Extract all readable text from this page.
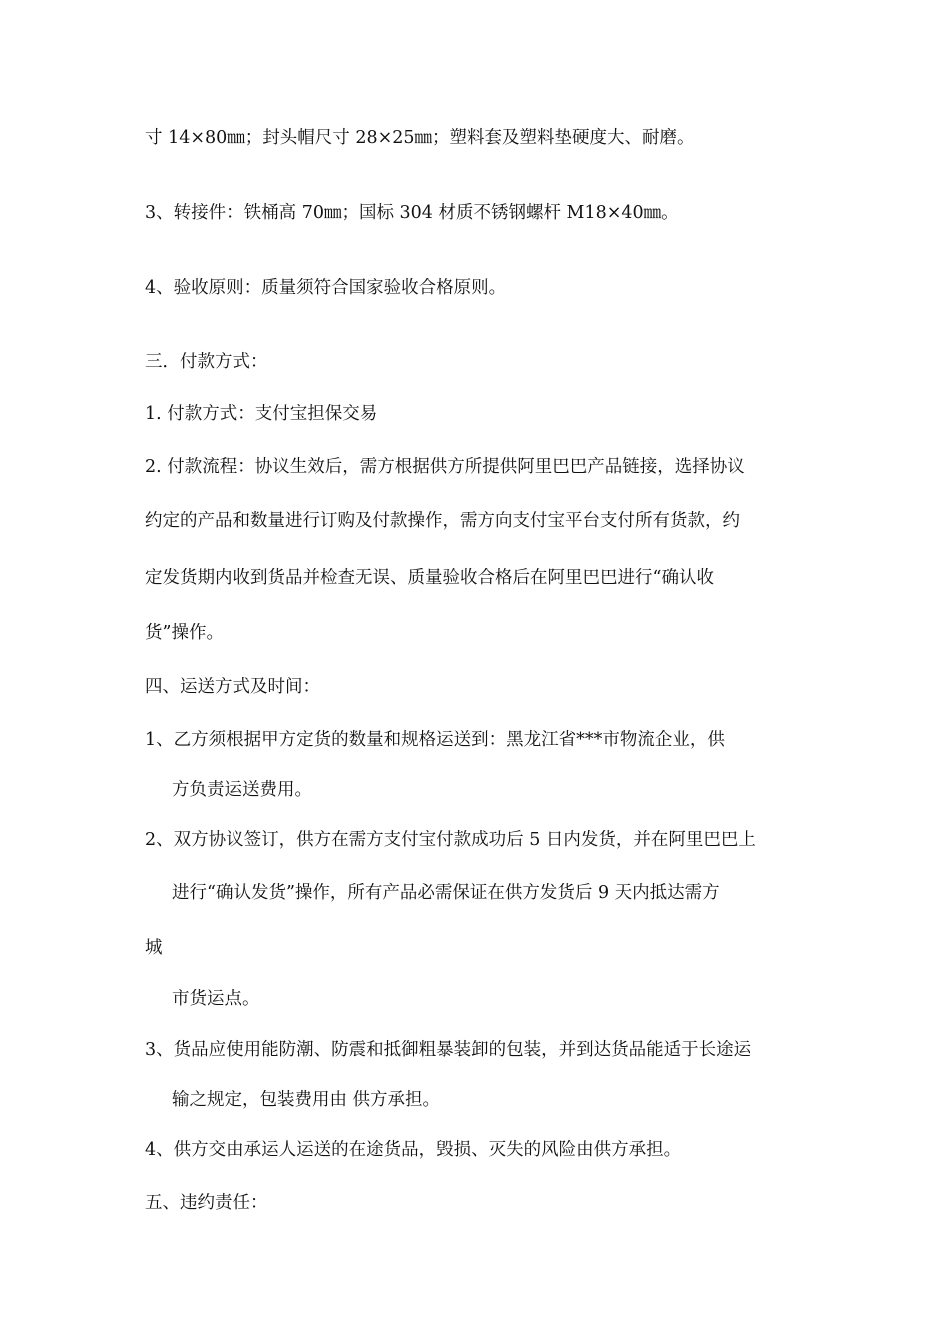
寸 14×80㎜；封头帽尺寸 28×25㎜；塑料套及塑料垫硬度大、耐磨。
3、转接件：铁桶高 70㎜；国标 304 材质不锈钢螺杆 M18×40㎜。
4、验收原则：质量须符合国家验收合格原则。
三．付款方式：
1. 付款方式：支付宝担保交易
2. 付款流程：协议生效后，需方根据供方所提供阿里巴巴产品链接，选择协议
约定的产品和数量进行订购及付款操作，需方向支付宝平台支付所有货款，约
定发货期内收到货品并检查无误、质量验收合格后在阿里巴巴进行“确认收
货”操作。
四、运送方式及时间：
1、乙方须根据甲方定货的数量和规格运送到：黑龙江省***市物流企业，供
方负责运送费用。
2、双方协议签订，供方在需方支付宝付款成功后 5 日内发货，并在阿里巴巴上
进行“确认发货”操作，所有产品必需保证在供方发货后 9 天内抵达需方
城
市货运点。
3、货品应使用能防潮、防震和抵御粗暴装卸的包装，并到达货品能适于长途运
输之规定，包装费用由 供方承担。
4、供方交由承运人运送的在途货品，毁损、灭失的风险由供方承担。
五、违约责任：
